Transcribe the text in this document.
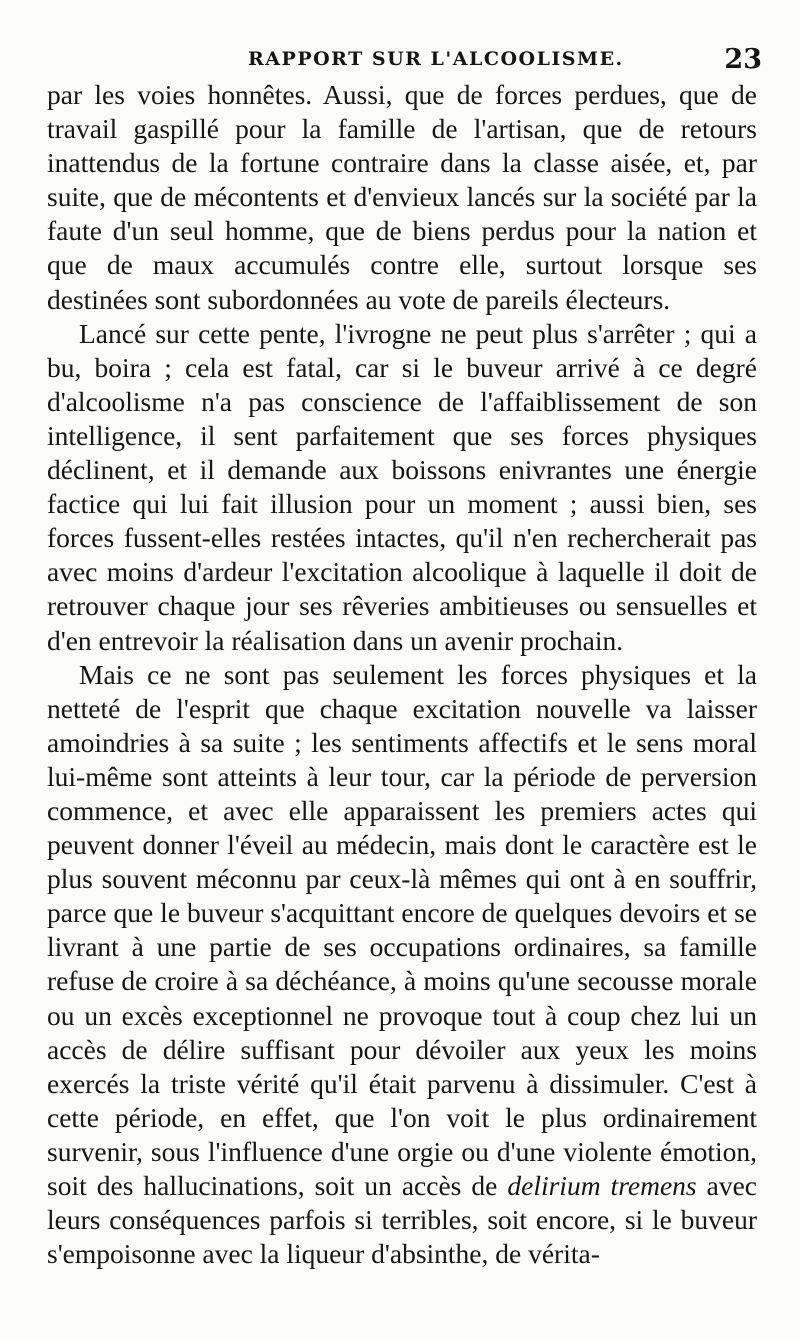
RAPPORT SUR L'ALCOOLISME.	23

par les voies honnêtes. Aussi, que de forces perdues, que de travail gaspillé pour la famille de l'artisan, que de retours inattendus de la fortune contraire dans la classe aisée, et, par suite, que de mécontents et d'envieux lancés sur la société par la faute d'un seul homme, que de biens perdus pour la nation et que de maux accumulés contre elle, surtout lorsque ses destinées sont subordonnées au vote de pareils électeurs.

Lancé sur cette pente, l'ivrogne ne peut plus s'arrêter ; qui a bu, boira ; cela est fatal, car si le buveur arrivé à ce degré d'alcoolisme n'a pas conscience de l'affaiblissement de son intelligence, il sent parfaitement que ses forces physiques déclinent, et il demande aux boissons enivrantes une énergie factice qui lui fait illusion pour un moment ; aussi bien, ses forces fussent-elles restées intactes, qu'il n'en rechercherait pas avec moins d'ardeur l'excitation alcoolique à laquelle il doit de retrouver chaque jour ses rêveries ambitieuses ou sensuelles et d'en entrevoir la réalisation dans un avenir prochain.

Mais ce ne sont pas seulement les forces physiques et la netteté de l'esprit que chaque excitation nouvelle va laisser amoindries à sa suite ; les sentiments affectifs et le sens moral lui-même sont atteints à leur tour, car la période de perversion commence, et avec elle apparaissent les premiers actes qui peuvent donner l'éveil au médecin, mais dont le caractère est le plus souvent méconnu par ceux-là mêmes qui ont à en souffrir, parce que le buveur s'acquittant encore de quelques devoirs et se livrant à une partie de ses occupations ordinaires, sa famille refuse de croire à sa déchéance, à moins qu'une secousse morale ou un excès exceptionnel ne provoque tout à coup chez lui un accès de délire suffisant pour dévoiler aux yeux les moins exercés la triste vérité qu'il était parvenu à dissimuler. C'est à cette période, en effet, que l'on voit le plus ordinairement survenir, sous l'influence d'une orgie ou d'une violente émotion, soit des hallucinations, soit un accès de delirium tremens avec leurs conséquences parfois si terribles, soit encore, si le buveur s'empoisonne avec la liqueur d'absinthe, de vérita-
